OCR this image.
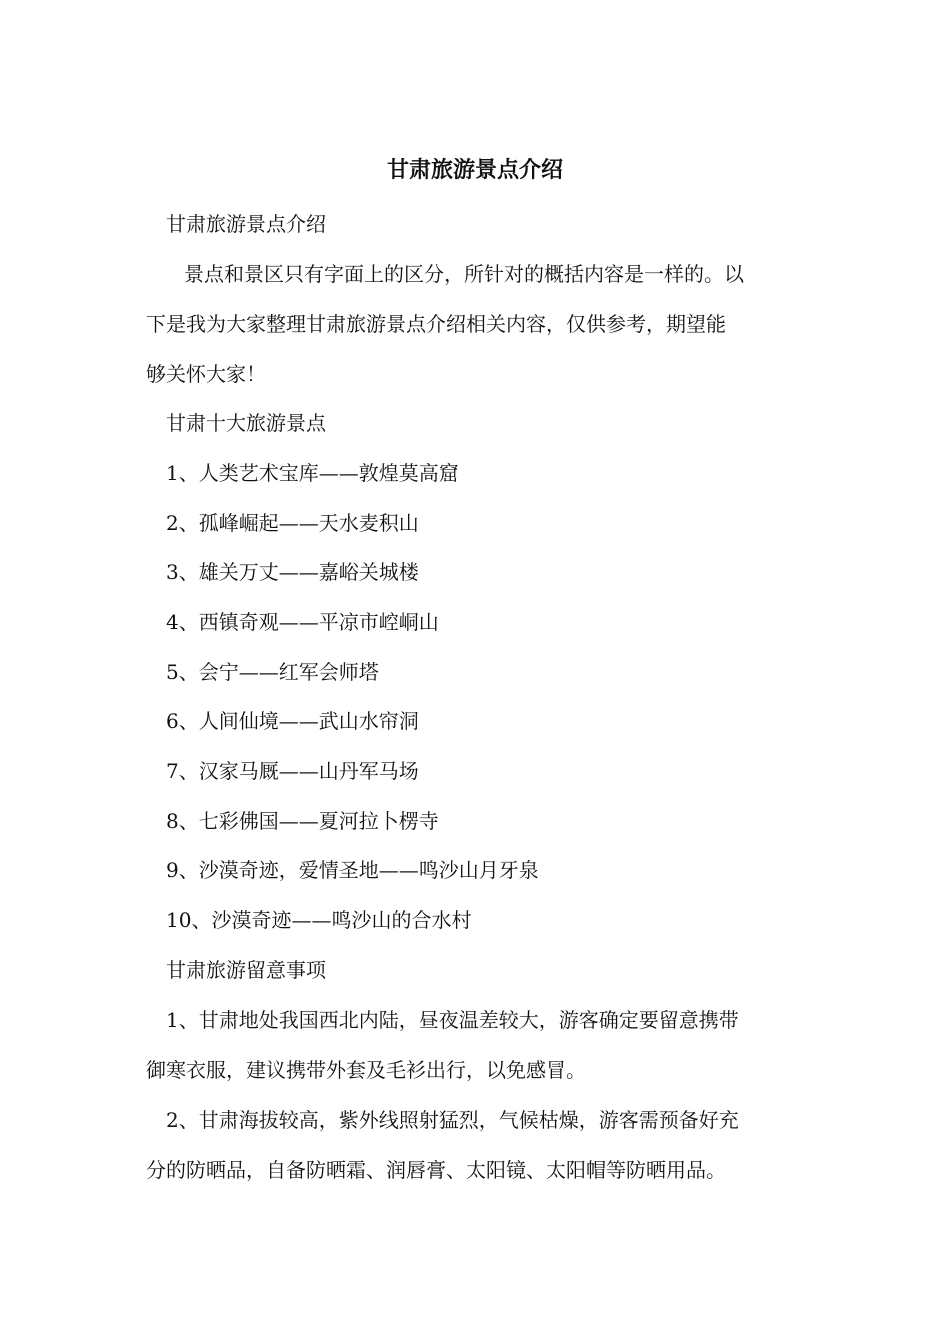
甘肃旅游景点介绍

甘肃旅游景点介绍

景点和景区只有字面上的区分，所针对的概括内容是一样的。以

下是我为大家整理甘肃旅游景点介绍相关内容，仅供参考，期望能

够关怀大家！

甘肃十大旅游景点

1、人类艺术宝库——敦煌莫高窟

2、孤峰崛起——天水麦积山

3、雄关万丈——嘉峪关城楼

4、西镇奇观——平凉市崆峒山

5、会宁——红军会师塔

6、人间仙境——武山水帘洞

7、汉家马厩——山丹军马场

8、七彩佛国——夏河拉卜楞寺

9、沙漠奇迹，爱情圣地——鸣沙山月牙泉

10、沙漠奇迹——鸣沙山的合水村

甘肃旅游留意事项

1、甘肃地处我国西北内陆，昼夜温差较大，游客确定要留意携带

御寒衣服，建议携带外套及毛衫出行，以免感冒。

2、甘肃海拔较高，紫外线照射猛烈，气候枯燥，游客需预备好充

分的防晒品，自备防晒霜、润唇膏、太阳镜、太阳帽等防晒用品。
